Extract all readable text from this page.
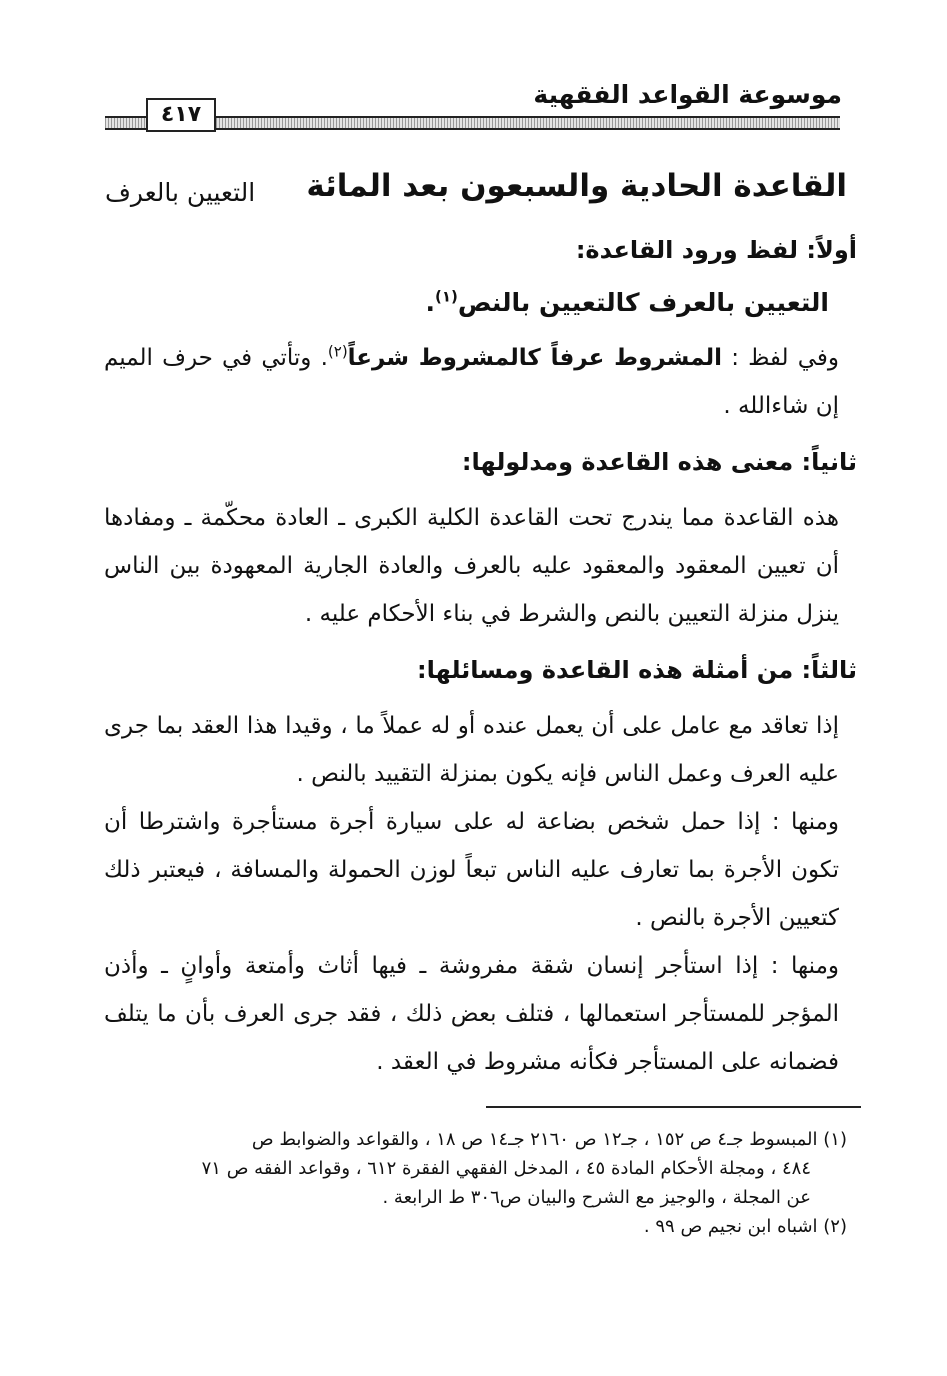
موسوعة القواعد الفقهية
٤١٧
القاعدة الحادية والسبعون بعد المائة
التعيين بالعرف
أولاً: لفظ ورود القاعدة:
التعيين بالعرف كالتعيين بالنص$^{(١)}$.
وفي لفظ : المشروط عرفاً كالمشروط شرعاً$^{(٢)}$. وتأتي في حرف الميم إن شاءالله .
ثانياً: معنى هذه القاعدة ومدلولها:
هذه القاعدة مما يندرج تحت القاعدة الكلية الكبرى ـ العادة محكّمة ـ ومفادها أن تعيين المعقود والمعقود عليه بالعرف والعادة الجارية المعهودة بين الناس ينزل منزلة التعيين بالنص والشرط في بناء الأحكام عليه .
ثالثاً: من أمثلة هذه القاعدة ومسائلها:
إذا تعاقد مع عامل على أن يعمل عنده أو له عملاً ما ، وقيدا هذا العقد بما جرى عليه العرف وعمل الناس فإنه يكون بمنزلة التقييد بالنص .
ومنها : إذا حمل شخص بضاعة له على سيارة أجرة مستأجرة واشترطا أن تكون الأجرة بما تعارف عليه الناس تبعاً لوزن الحمولة والمسافة ، فيعتبر ذلك كتعيين الأجرة بالنص .
ومنها : إذا استأجر إنسان شقة مفروشة ـ فيها أثاث وأمتعة وأوانٍ ـ وأذن المؤجر للمستأجر استعمالها ، فتلف بعض ذلك ، فقد جرى العرف بأن ما يتلف فضمانه على المستأجر فكأنه مشروط في العقد .

(١) المبسوط جـ٤ ص ١٥٢ ، جـ١٢ ص ٢١٦٠ جـ١٤ ص ١٨ ، والقواعد والضوابط ص

٤٨٤ ، ومجلة الأحكام المادة ٤٥ ، المدخل الفقهي الفقرة ٦١٢ ، وقواعد الفقه ص ٧١

عن المجلة ، والوجيز مع الشرح والبيان ص٣٠٦ ط الرابعة .

(٢) اشباه ابن نجيم ص ٩٩ .
